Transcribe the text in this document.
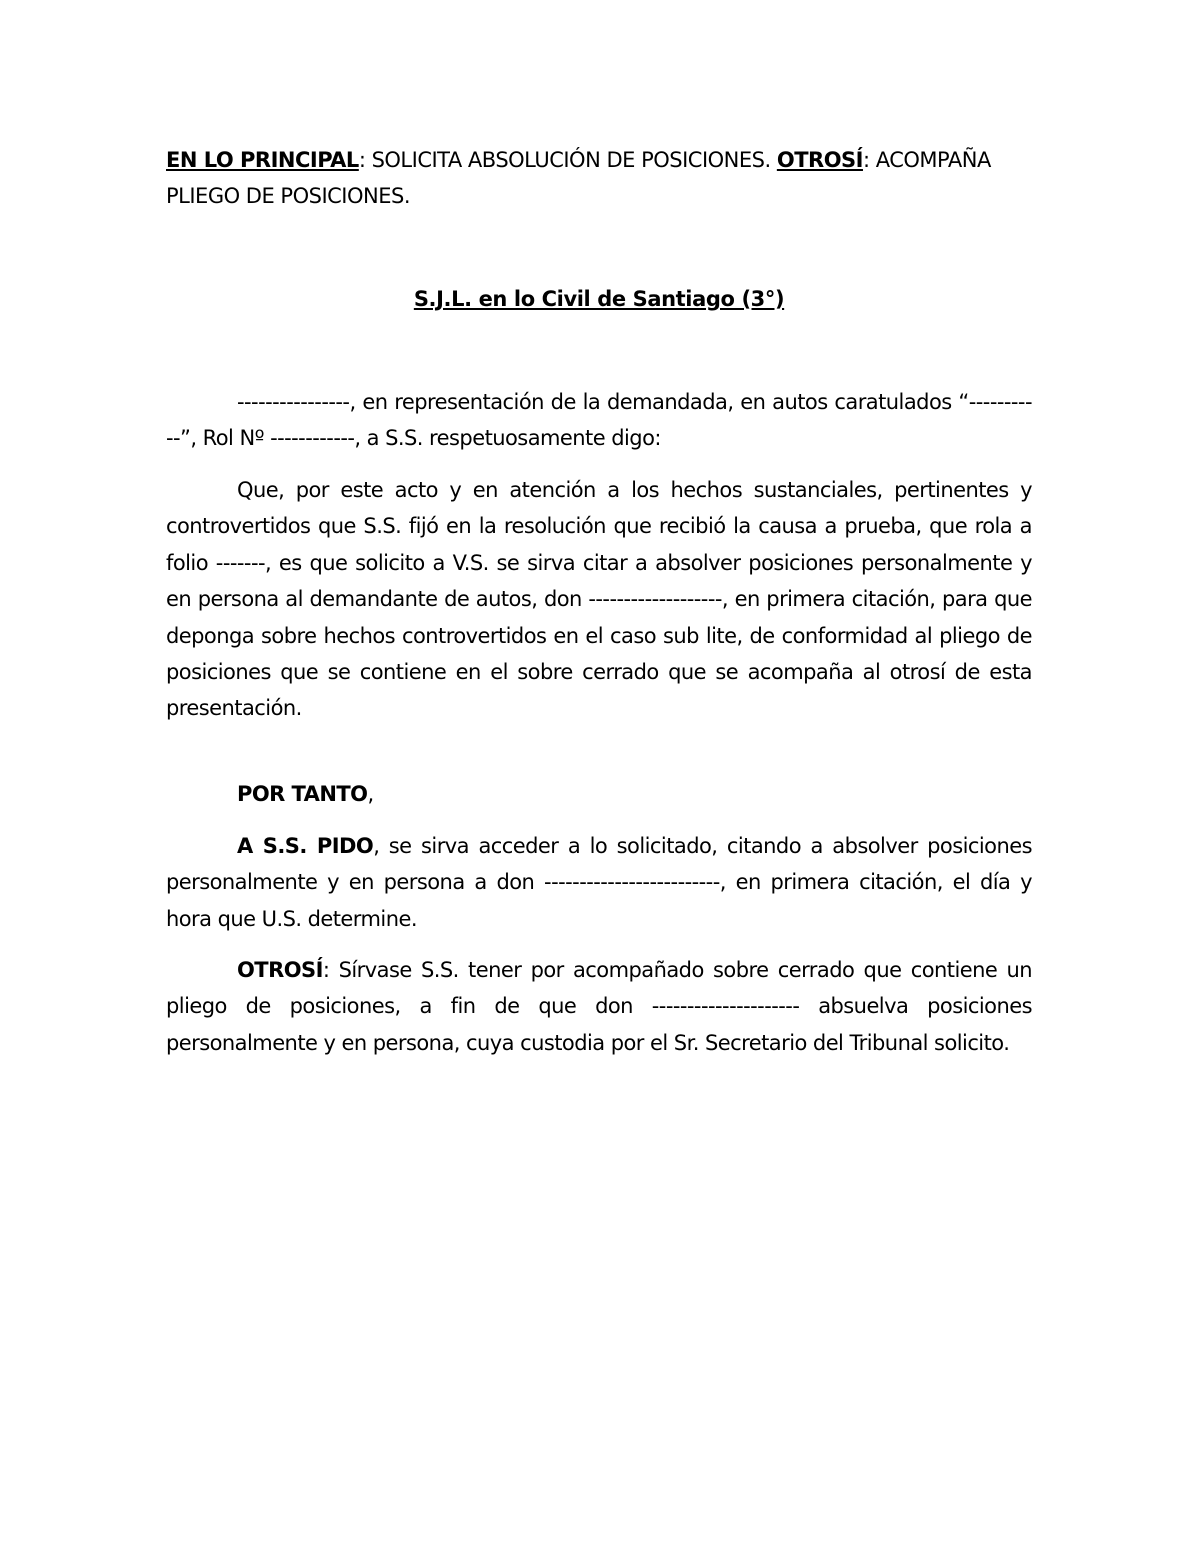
EN LO PRINCIPAL: SOLICITA ABSOLUCIÓN DE POSICIONES. OTROSÍ: ACOMPAÑA PLIEGO DE POSICIONES.

S.J.L. en lo Civil de Santiago (3°)

----------------, en representación de la demandada, en autos caratulados “-----------”, Rol Nº ------------, a S.S. respetuosamente digo:

Que, por este acto y en atención a los hechos sustanciales, pertinentes y controvertidos que S.S. fijó en la resolución que recibió la causa a prueba, que rola a folio -------, es que solicito a V.S. se sirva citar a absolver posiciones personalmente y en persona al demandante de autos, don -------------------, en primera citación, para que deponga sobre hechos controvertidos en el caso sub lite, de conformidad al pliego de posiciones que se contiene en el sobre cerrado que se acompaña al otrosí de esta presentación.

POR TANTO,

A S.S. PIDO, se sirva acceder a lo solicitado, citando a absolver posiciones personalmente y en persona a don -------------------------, en primera citación, el día y hora que U.S. determine.

OTROSÍ: Sírvase S.S. tener por acompañado sobre cerrado que contiene un pliego de posiciones, a fin de que don --------------------- absuelva posiciones personalmente y en persona, cuya custodia por el Sr. Secretario del Tribunal solicito.
